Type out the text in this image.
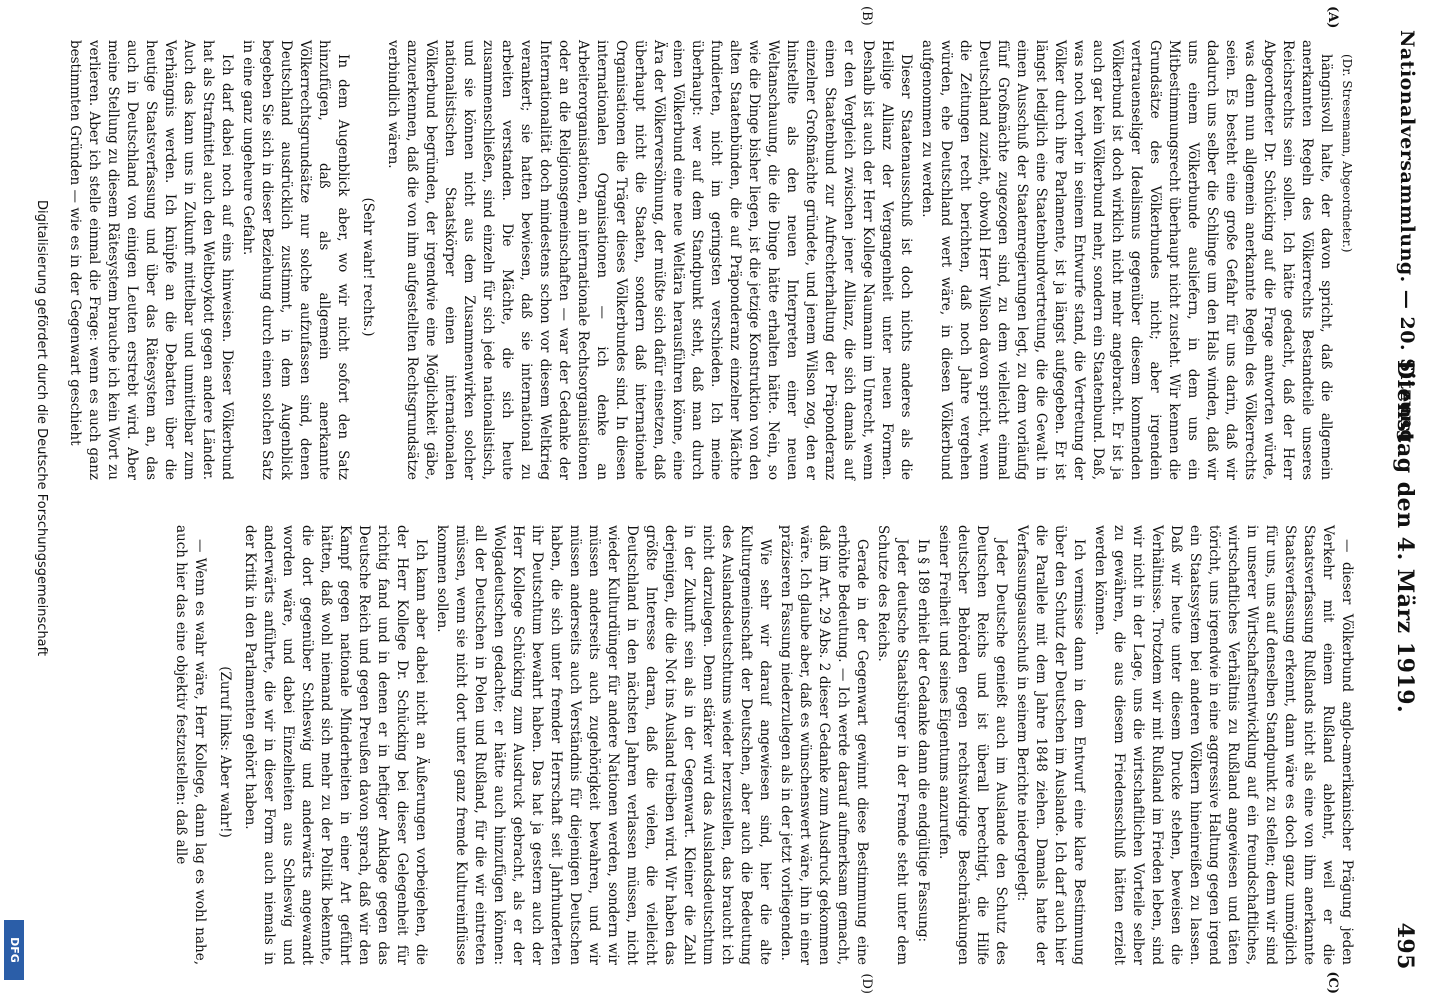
Nationalversammlung. — 20. Sitzung.
Dienstag den 4. März 1919.
495
(A)
(B)
(C)
(D)

(Dr. Stresemann, Abgeordneter.)

hängnisvoll halte, der davon spricht, daß die allgemein anerkannten Regeln des Völkerrechts Bestandteile unseres Reichsrechts sein sollen. Ich hätte gedacht, daß der Herr Abgeordneter Dr. Schücking auf die Frage antworten würde, was denn nun allgemein anerkannte Regeln des Völkerrechts seien. Es besteht eine große Gefahr für uns darin, daß wir dadurch uns selber die Schlinge um den Hals winden, daß wir uns einem Völkerbunde ausliefern, in dem uns ein Mitbestimmungsrecht überhaupt nicht zusteht. Wir kennen die Grundsätze des Völkerbundes nicht; aber irgendein vertrauenseliger Idealismus gegenüber diesem kommenden Völkerbund ist doch wirklich nicht mehr angebracht. Er ist ja auch gar kein Völkerbund mehr, sondern ein Staatenbund. Daß, was noch vorher in seinem Entwurfe stand, die Vertretung der Völker durch ihre Parlamente, ist ja längst aufgegeben. Er ist längst lediglich eine Staatenbundvertretung, die die Gewalt in einen Ausschuß der Staatenregierungen legt, zu dem vorläufig fünf Großmächte zugezogen sind, zu dem vielleicht einmal Deutschland zuzieht, obwohl Herr Wilson davon spricht, wenn die Zeitungen recht berichten, daß noch Jahre vergehen würden, ehe Deutschland wert wäre, in diesen Völkerbund aufgenommen zu werden.

Dieser Staatenausschuß ist doch nichts anderes als die Heilige Allianz der Vergangenheit unter neuen Formen. Deshalb ist auch der Herr Kollege Naumann im Unrecht, wenn er den Vergleich zwischen jener Allianz, die sich damals auf einen Staatenbund zur Aufrechterhaltung der Präponderanz einzelner Großmächte gründete, und jenem Wilson zog, den er hinstellte als den neuen Interpreten einer neuen Weltanschauung, die die Dinge hätte erhalten hätte. Nein, so wie die Dinge bisher liegen, ist die jetzige Konstruktion von den alten Staatenbünden, die auf Präponderanz einzelner Mächte fundierten, nicht im geringsten verschieden. Ich meine überhaupt: wer auf dem Standpunkt steht, daß man durch einen Völkerbund eine neue Weltära herausführen könne, eine Ära der Völkerversöhnung, der müßte sich dafür einsetzen, daß überhaupt nicht die Staaten, sondern daß internationale Organisationen die Träger dieses Völkerbundes sind. In diesen internationalen Organisationen — ich denke an Arbeiterorganisationen, an internationale Rechtsorganisationen oder an die Religionsgemeinschaften — war der Gedanke der Internationalität doch mindestens schon vor diesem Weltkrieg verankert; sie hatten bewiesen, daß sie international zu arbeiten verstanden. Die Mächte, die sich heute zusammenschließen, sind einzeln für sich jede nationalistisch, und sie können nicht aus dem Zusammenwirken solcher nationalistischen Staatskörper einen internationalen Völkerbund begründen, der irgendwie eine Möglichkeit gäbe, anzuerkennen, daß die von ihm aufgestellten Rechtsgrundsätze verbindlich wären.

(Sehr wahr! rechts.)

In dem Augenblick aber, wo wir nicht sofort den Satz hinzufügen, daß als allgemein anerkannte Völkerrechtsgrundsätze nur solche aufzufassen sind, denen Deutschland ausdrücklich zustimmt, in dem Augenblick begeben Sie sich in dieser Beziehung durch einen solchen Satz in eine ganz ungeheure Gefahr.

Ich darf dabei noch auf eins hinweisen. Dieser Völkerbund hat als Strafmittel auch den Weltboykott gegen andere Länder. Auch das kann uns in Zukunft mittelbar und unmittelbar zum Verhängnis werden. Ich knüpfe an die Debatten über die heutige Staatsverfassung und über das Rätesystem an, das auch in Deutschland von einigen Leuten erstrebt wird. Aber meine Stellung zu diesem Rätesystem brauche ich kein Wort zu verlieren. Aber ich stelle einmal die Frage: wenn es auch ganz bestimmten Gründen — wie es in der Gegenwart geschieht

— dieser Völkerbund anglo-amerikanischer Prägung jeden Verkehr mit einem Rußland ablehnt, weil er die Staatsverfassung Rußlands nicht als eine von ihm anerkannte Staatsverfassung erkennt, dann wäre es doch ganz unmöglich für uns, uns auf denselben Standpunkt zu stellen; denn wir sind in unserer Wirtschaftsentwicklung auf ein freundschaftliches, wirtschaftliches Verhältnis zu Rußland angewiesen und täten töricht, uns irgendwie in eine aggressive Haltung gegen irgend ein Staatssystem bei anderen Völkern hineinreißen zu lassen. Daß wir heute unter diesem Drucke stehen, beweisen die Verhältnisse. Trotzdem wir mit Rußland im Frieden leben, sind wir nicht in der Lage, uns die wirtschaftlichen Vorteile selber zu gewähren, die aus diesem Friedensschluß hätten erzielt werden können.

Ich vermisse dann in dem Entwurf eine klare Bestimmung über den Schutz der Deutschen im Auslande. Ich darf auch hier die Parallele mit dem Jahre 1848 ziehen. Damals hatte der Verfassungsausschuß in seinem Berichte niedergelegt:

Jeder Deutsche genießt auch im Auslande den Schutz des Deutschen Reichs und ist überall berechtigt, die Hilfe deutscher Behörden gegen rechtswidrige Beschränkungen seiner Freiheit und seines Eigentums anzurufen.

In § 189 erhielt der Gedanke dann die endgültige Fassung:

Jeder deutsche Staatsbürger in der Fremde steht unter dem Schutze des Reichs.

Gerade in der Gegenwart gewinnt diese Bestimmung eine erhöhte Bedeutung. — Ich werde darauf aufmerksam gemacht, daß im Art. 29 Abs. 2 dieser Gedanke zum Ausdruck gekommen wäre. Ich glaube aber, daß es wünschenswert wäre, ihn in einer präziseren Fassung niederzulegen als in der jetzt vorliegenden.

Wie sehr wir darauf angewiesen sind, hier die alte Kulturgemeinschaft der Deutschen, aber auch die Bedeutung des Auslandsdeutschtums wieder herzustellen, das braucht ich nicht darzulegen. Denn stärker wird das Auslandsdeutschtum in der Zukunft sein als in der Gegenwart. Kleiner die Zahl derjenigen, die die Not ins Ausland treiben wird. Wir haben das größte Interesse daran, daß die vielen, die vielleicht Deutschland in den nächsten Jahren verlassen müssen, nicht wieder Kulturdünger für andere Nationen werden, sondern wir müssen anderseits auch zugehörigkeit bewahren, und wir müssen anderseits auch Verständnis für diejenigen Deutschen haben, die sich unter fremder Herrschaft seit Jahrhunderten ihr Deutschtum bewahrt haben. Das hat ja gestern auch der Herr Kollege Schücking zum Ausdruck gebracht, als er der Wolgadeutschen gedachte; er hätte auch hinzufügen können: all der Deutschen in Polen und Rußland, für die wir eintreten müssen, wenn sie nicht dort unter ganz fremde Kultureinflüsse kommen sollen.

Ich kann aber dabei nicht an Äußerungen vorbeigehen, die der Herr Kollege Dr. Schücking bei dieser Gelegenheit für richtig fand und in denen er in heftiger Anklage gegen das Deutsche Reich und gegen Preußen davon sprach, daß wir den Kampf gegen nationale Minderheiten in einer Art geführt hätten, daß wohl niemand sich mehr zu der Politik bekennte, die dort gegenüber Schleswig und anderwärts angewandt worden wäre, und dabei Einzelheiten aus Schleswig und anderwärts anführte, die wir in dieser Form auch niemals in der Kritik in den Parlamenten gehört haben.

(Zuruf links: Aber wahr!)

— Wenn es wahr wäre, Herr Kollege, dann lag es wohl nahe, auch hier das eine objektiv festzustellen: daß alle

Digitalisierung gefördert durch die Deutsche Forschungsgemeinschaft
DFG
